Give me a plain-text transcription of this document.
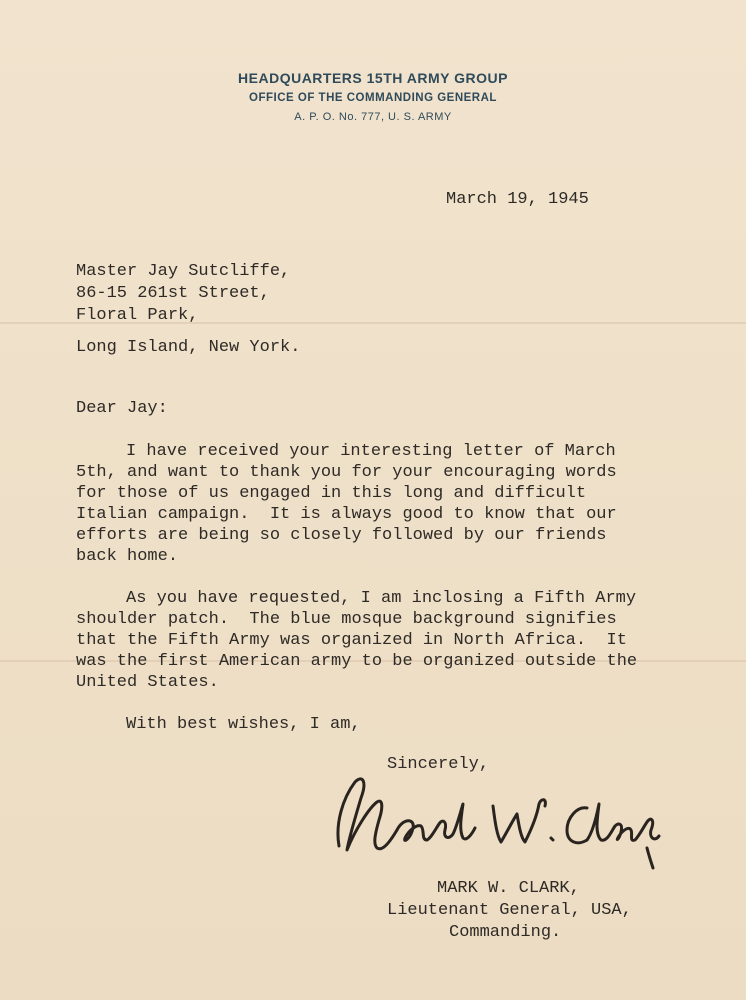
HEADQUARTERS 15TH ARMY GROUP
OFFICE OF THE COMMANDING GENERAL
A. P. O. No. 777, U. S. ARMY
March 19, 1945
Master Jay Sutcliffe,
86-15 261st Street,
Floral Park,
Long Island, New York.
Dear Jay:
I have received your interesting letter of March
5th, and want to thank you for your encouraging words
for those of us engaged in this long and difficult
Italian campaign.  It is always good to know that our
efforts are being so closely followed by our friends
back home.
As you have requested, I am inclosing a Fifth Army
shoulder patch.  The blue mosque background signifies
that the Fifth Army was organized in North Africa.  It
was the first American army to be organized outside the
United States.
With best wishes, I am,
Sincerely,
MARK W. CLARK,
Lieutenant General, USA,
Commanding.
